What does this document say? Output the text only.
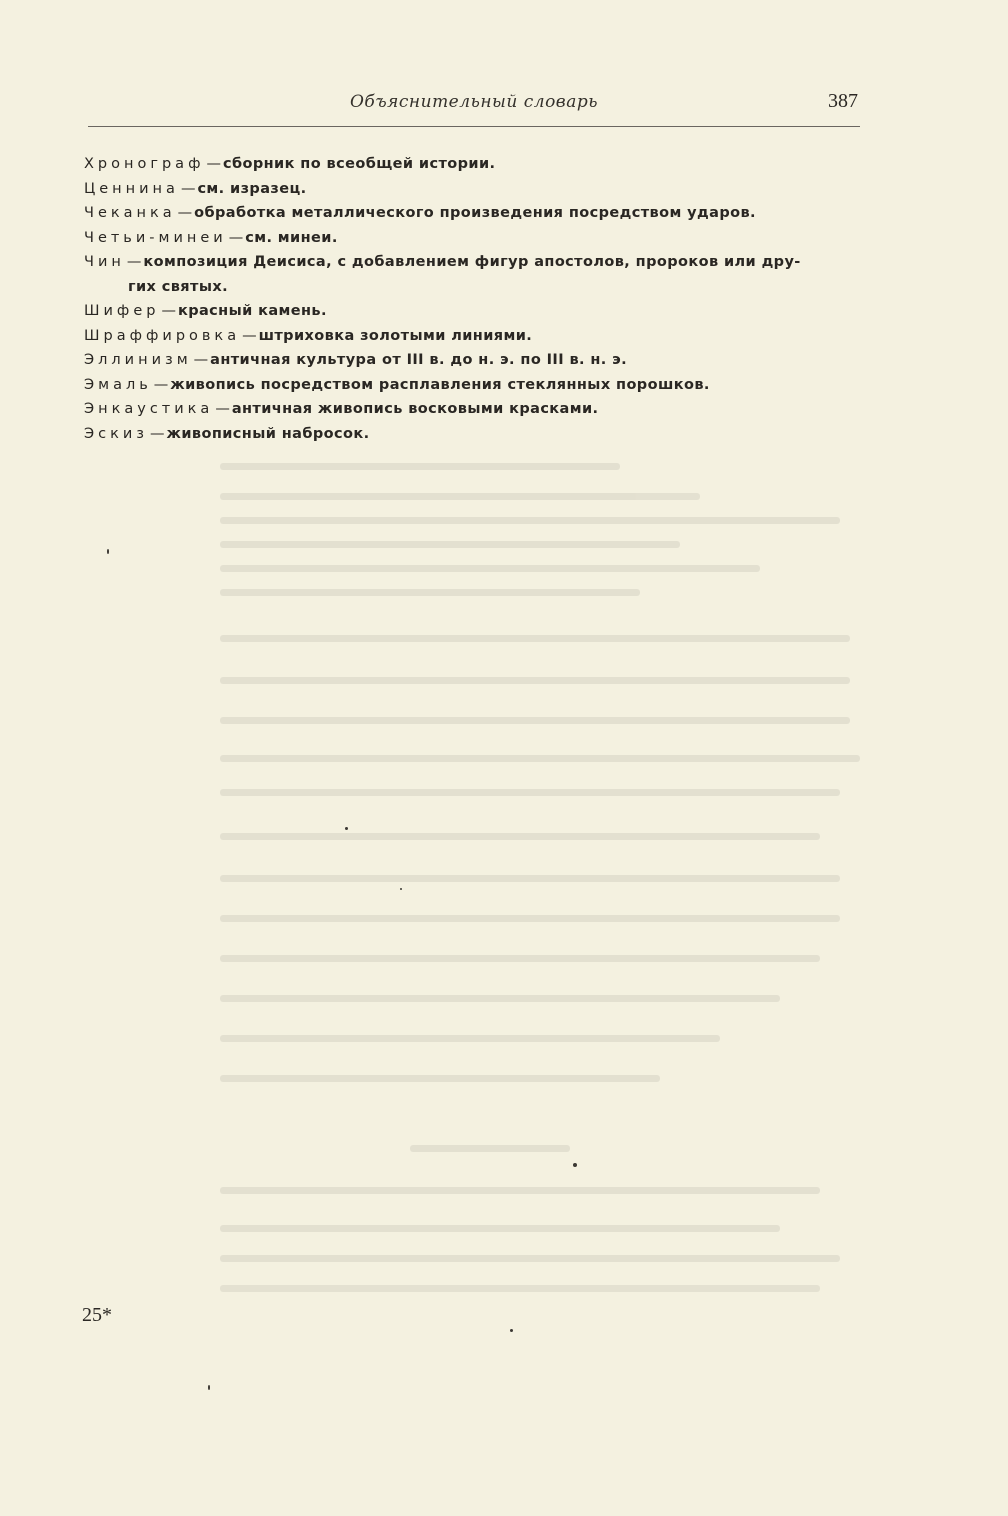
Объяснительный словарь	387
Хронограф — сборник по всеобщей истории.
Ценнина — см. изразец.
Чеканка — обработка металлического произведения посредством ударов.
Четьи-минеи — см. минеи.
Чин — композиция Деисиса, с добавлением фигур апостолов, пророков или дру-
гих святых.
Шифер — красный камень.
Шраффировка — штриховка золотыми линиями.
Эллинизм — античная культура от III в. до н. э. по III в. н. э.
Эмаль — живопись посредством расплавления стеклянных порошков.
Энкаустика — античная живопись восковыми красками.
Эскиз — живописный набросок.
25*
